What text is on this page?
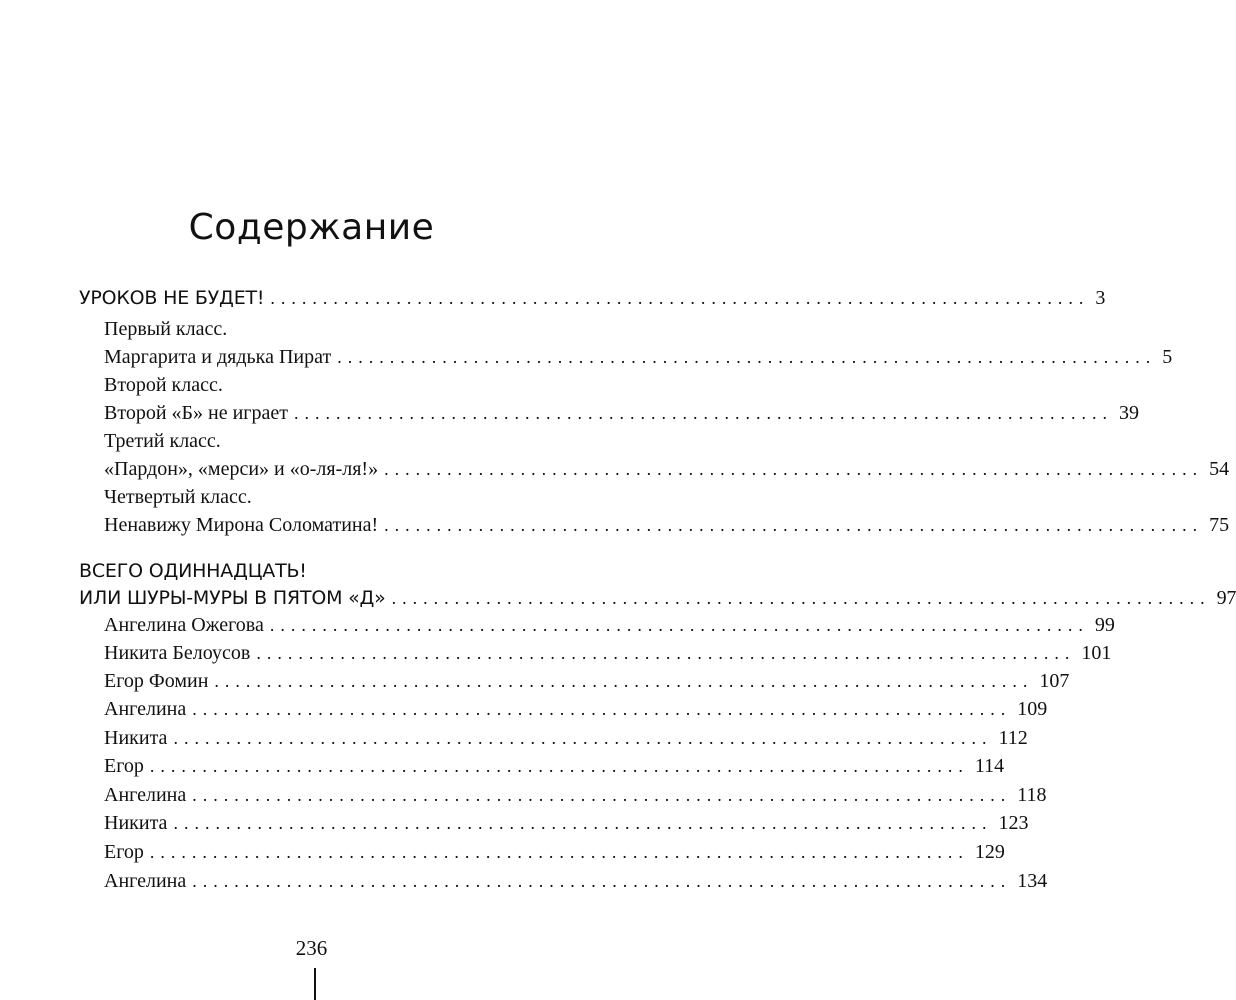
Содержание
УРОКОВ НЕ БУДЕТ! .............................................................................. 3
Первый класс.
Маргарита и дядька Пират .............................................................................. 5
Второй класс.
Второй «Б» не играет .............................................................................. 39
Третий класс.
«Пардон», «мерси» и «о-ля-ля!» .............................................................................. 54
Четвертый класс.
Ненавижу Мирона Соломатина! .............................................................................. 75
ВСЕГО ОДИННАДЦАТЬ!
ИЛИ ШУРЫ-МУРЫ В ПЯТОМ «Д» .............................................................................. 97
Ангелина Ожегова .............................................................................. 99
Никита Белоусов .............................................................................. 101
Егор Фомин .............................................................................. 107
Ангелина .............................................................................. 109
Никита .............................................................................. 112
Егор .............................................................................. 114
Ангелина .............................................................................. 118
Никита .............................................................................. 123
Егор .............................................................................. 129
Ангелина .............................................................................. 134
236
